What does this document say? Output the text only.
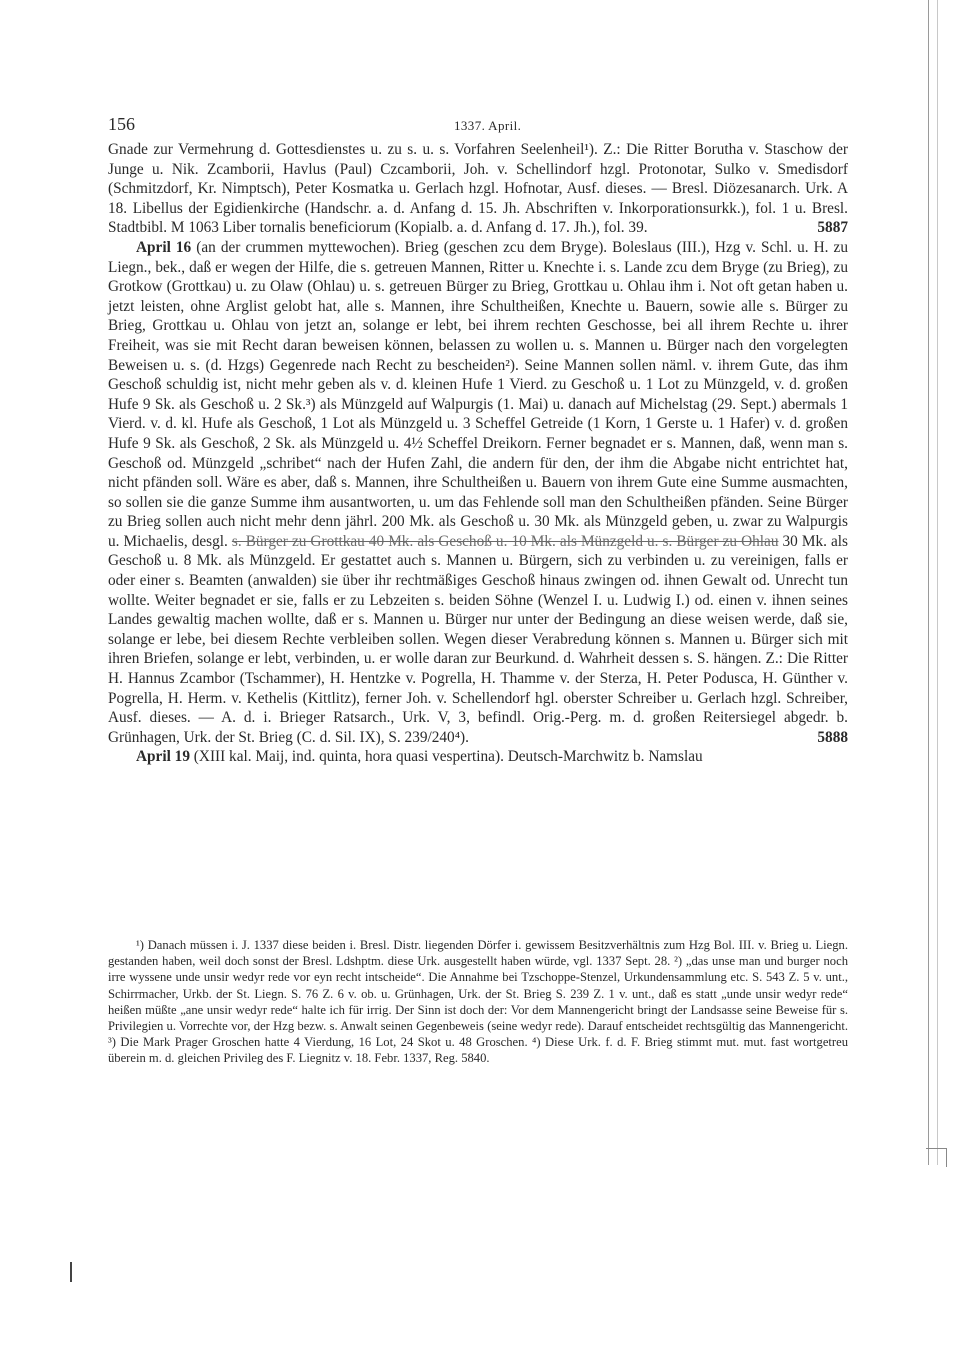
156	1337. April.

Gnade zur Vermehrung d. Gottesdienstes u. zu s. u. s. Vorfahren Seelenheil¹). Z.: Die Ritter Borutha v. Staschow der Junge u. Nik. Zcamborii, Havlus (Paul) Czcamborii, Joh. v. Schellindorf hzgl. Protonotar, Sulko v. Smedisdorf (Schmitzdorf, Kr. Nimptsch), Peter Kosmatka u. Gerlach hzgl. Hofnotar, Ausf. dieses. — Bresl. Diözesanarch. Urk. A 18. Libellus der Egidienkirche (Handschr. a. d. Anfang d. 15. Jh. Abschriften v. Inkorporationsurkk.), fol. 1 u. Bresl. Stadtbibl. M 1063 Liber tornalis beneficiorum (Kopialb. a. d. Anfang d. 17. Jh.), fol. 39.	5887

April 16 (an der crummen myttewochen). Brieg (geschen zcu dem Bryge). Boleslaus (III.), Hzg v. Schl. u. H. zu Liegn., bek., daß er wegen der Hilfe, die s. getreuen Mannen, Ritter u. Knechte i. s. Lande zcu dem Bryge (zu Brieg), zu Grotkow (Grottkau) u. zu Olaw (Ohlau) u. s. getreuen Bürger zu Brieg, Grottkau u. Ohlau ihm i. Not oft getan haben u. jetzt leisten, ohne Arglist gelobt hat, alle s. Mannen, ihre Schultheißen, Knechte u. Bauern, sowie alle s. Bürger zu Brieg, Grottkau u. Ohlau von jetzt an, solange er lebt, bei ihrem rechten Geschosse, bei all ihrem Rechte u. ihrer Freiheit, was sie mit Recht daran beweisen können, belassen zu wollen u. s. Mannen u. Bürger nach den vorgelegten Beweisen u. s. (d. Hzgs) Gegenrede nach Recht zu bescheiden²). Seine Mannen sollen näml. v. ihrem Gute, das ihm Geschoß schuldig ist, nicht mehr geben als v. d. kleinen Hufe 1 Vierd. zu Geschoß u. 1 Lot zu Münzgeld, v. d. großen Hufe 9 Sk. als Geschoß u. 2 Sk.³) als Münzgeld auf Walpurgis (1. Mai) u. danach auf Michelstag (29. Sept.) abermals 1 Vierd. v. d. kl. Hufe als Geschoß, 1 Lot als Münzgeld u. 3 Scheffel Getreide (1 Korn, 1 Gerste u. 1 Hafer) v. d. großen Hufe 9 Sk. als Geschoß, 2 Sk. als Münzgeld u. 4½ Scheffel Dreikorn. Ferner begnadet er s. Mannen, daß, wenn man s. Geschoß od. Münzgeld „schribet“ nach der Hufen Zahl, die andern für den, der ihm die Abgabe nicht entrichtet hat, nicht pfänden soll. Wäre es aber, daß s. Mannen, ihre Schultheißen u. Bauern von ihrem Gute eine Summe ausmachten, so sollen sie die ganze Summe ihm ausantworten, u. um das Fehlende soll man den Schultheißen pfänden. Seine Bürger zu Brieg sollen auch nicht mehr denn jährl. 200 Mk. als Geschoß u. 30 Mk. als Münzgeld geben, u. zwar zu Walpurgis u. Michaelis, desgl. s. Bürger zu Grottkau 40 Mk. als Geschoß u. 10 Mk. als Münzgeld u. s. Bürger zu Ohlau 30 Mk. als Geschoß u. 8 Mk. als Münzgeld. Er gestattet auch s. Mannen u. Bürgern, sich zu verbinden u. zu vereinigen, falls er oder einer s. Beamten (anwalden) sie über ihr rechtmäßiges Geschoß hinaus zwingen od. ihnen Gewalt od. Unrecht tun wollte. Weiter begnadet er sie, falls er zu Lebzeiten s. beiden Söhne (Wenzel I. u. Ludwig I.) od. einen v. ihnen seines Landes gewaltig machen wollte, daß er s. Mannen u. Bürger nur unter der Bedingung an diese weisen werde, daß sie, solange er lebe, bei diesem Rechte verbleiben sollen. Wegen dieser Verabredung können s. Mannen u. Bürger sich mit ihren Briefen, solange er lebt, verbinden, u. er wolle daran zur Beurkund. d. Wahrheit dessen s. S. hängen. Z.: Die Ritter H. Hannus Zcambor (Tschammer), H. Hentzke v. Pogrella, H. Thamme v. der Sterza, H. Peter Podusca, H. Günther v. Pogrella, H. Herm. v. Kethelis (Kittlitz), ferner Joh. v. Schellendorf hgl. oberster Schreiber u. Gerlach hzgl. Schreiber, Ausf. dieses. — A. d. i. Brieger Ratsarch., Urk. V, 3, befindl. Orig.-Perg. m. d. großen Reitersiegel abgedr. b. Grünhagen, Urk. der St. Brieg (C. d. Sil. IX), S. 239/240⁴).	5888

April 19 (XIII kal. Maij, ind. quinta, hora quasi vespertina). Deutsch-Marchwitz b. Namslau

¹) Danach müssen i. J. 1337 diese beiden i. Bresl. Distr. liegenden Dörfer i. gewissem Besitzverhältnis zum Hzg Bol. III. v. Brieg u. Liegn. gestanden haben, weil doch sonst der Bresl. Ldshptm. diese Urk. ausgestellt haben würde, vgl. 1337 Sept. 28. ²) „das unse man und burger noch irre wyssene unde unsir wedyr rede vor eyn recht intscheide“. Die Annahme bei Tzschoppe-Stenzel, Urkundensammlung etc. S. 543 Z. 5 v. unt., Schirrmacher, Urkb. der St. Liegn. S. 76 Z. 6 v. ob. u. Grünhagen, Urk. der St. Brieg S. 239 Z. 1 v. unt., daß es statt „unde unsir wedyr rede“ heißen müßte „ane unsir wedyr rede“ halte ich für irrig. Der Sinn ist doch der: Vor dem Mannengericht bringt der Landsasse seine Beweise für s. Privilegien u. Vorrechte vor, der Hzg bezw. s. Anwalt seinen Gegenbeweis (seine wedyr rede). Darauf entscheidet rechtsgültig das Mannengericht. ³) Die Mark Prager Groschen hatte 4 Vierdung, 16 Lot, 24 Skot u. 48 Groschen. ⁴) Diese Urk. f. d. F. Brieg stimmt mut. mut. fast wortgetreu überein m. d. gleichen Privileg des F. Liegnitz v. 18. Febr. 1337, Reg. 5840.
